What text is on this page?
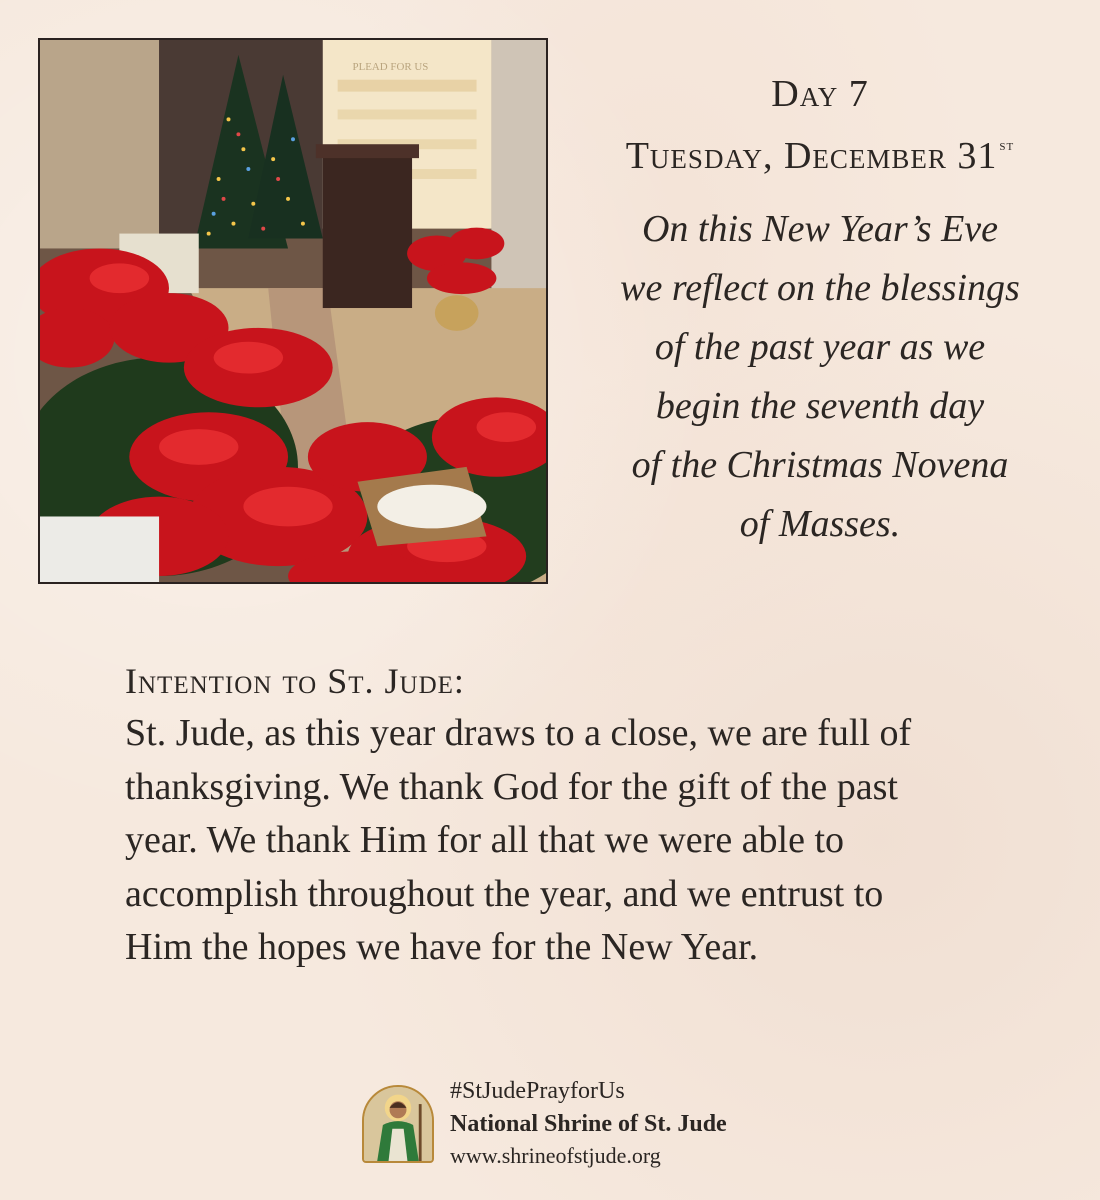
PLEAD FOR US
Day 7
Tuesday, December 31 $^{st}$
On this New Year’s Eve
we reflect on the blessings
of the past year as we
begin the seventh day
of the Christmas Novena
of Masses.
Intention to St. Jude:
St. Jude, as this year draws to a close, we are full of
thanksgiving. We thank God for the gift of the past
year. We thank Him for all that we were able to
accomplish throughout the year, and we entrust to
Him the hopes we have for the New Year.
#StJudePrayforUs
National Shrine of St. Jude
www.shrineofstjude.org
